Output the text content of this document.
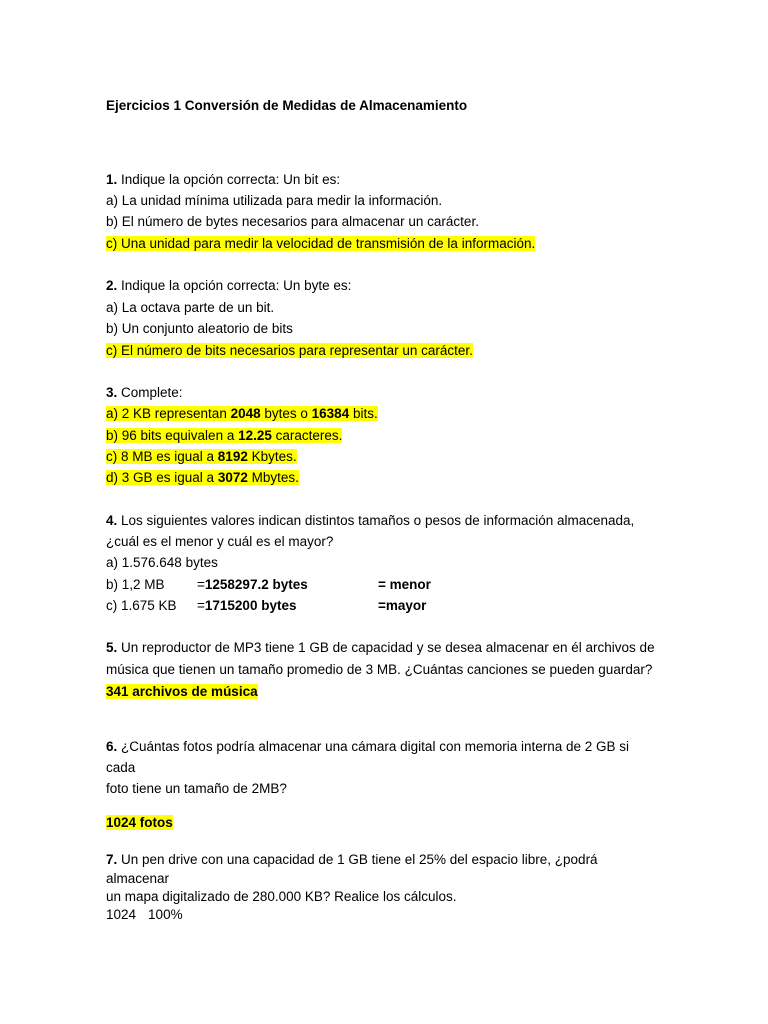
Ejercicios 1 Conversión de Medidas de Almacenamiento
1. Indique la opción correcta: Un bit es:
a) La unidad mínima utilizada para medir la información.
b) El número de bytes necesarios para almacenar un carácter.
c) Una unidad para medir la velocidad de transmisión de la información.
2. Indique la opción correcta: Un byte es:
a) La octava parte de un bit.
b) Un conjunto aleatorio de bits
c) El número de bits necesarios para representar un carácter.
3. Complete:
a) 2 KB representan 2048 bytes o 16384 bits.
b) 96 bits equivalen a 12.25 caracteres.
c) 8 MB es igual a 8192 Kbytes.
d) 3 GB es igual a 3072 Mbytes.
4. Los siguientes valores indican distintos tamaños o pesos de información almacenada,
¿cuál es el menor y cuál es el mayor?
a) 1.576.648 bytes
b) 1,2 MB =1258297.2 bytes	= menor
c) 1.675 KB =1715200 bytes	=mayor
5. Un reproductor de MP3 tiene 1 GB de capacidad y se desea almacenar en él archivos de
música que tienen un tamaño promedio de 3 MB. ¿Cuántas canciones se pueden guardar?
341 archivos de música
6. ¿Cuántas fotos podría almacenar una cámara digital con memoria interna de 2 GB si
cada
foto tiene un tamaño de 2MB?
1024 fotos
7. Un pen drive con una capacidad de 1 GB tiene el 25% del espacio libre, ¿podrá
almacenar
un mapa digitalizado de 280.000 KB? Realice los cálculos.
1024 100%
